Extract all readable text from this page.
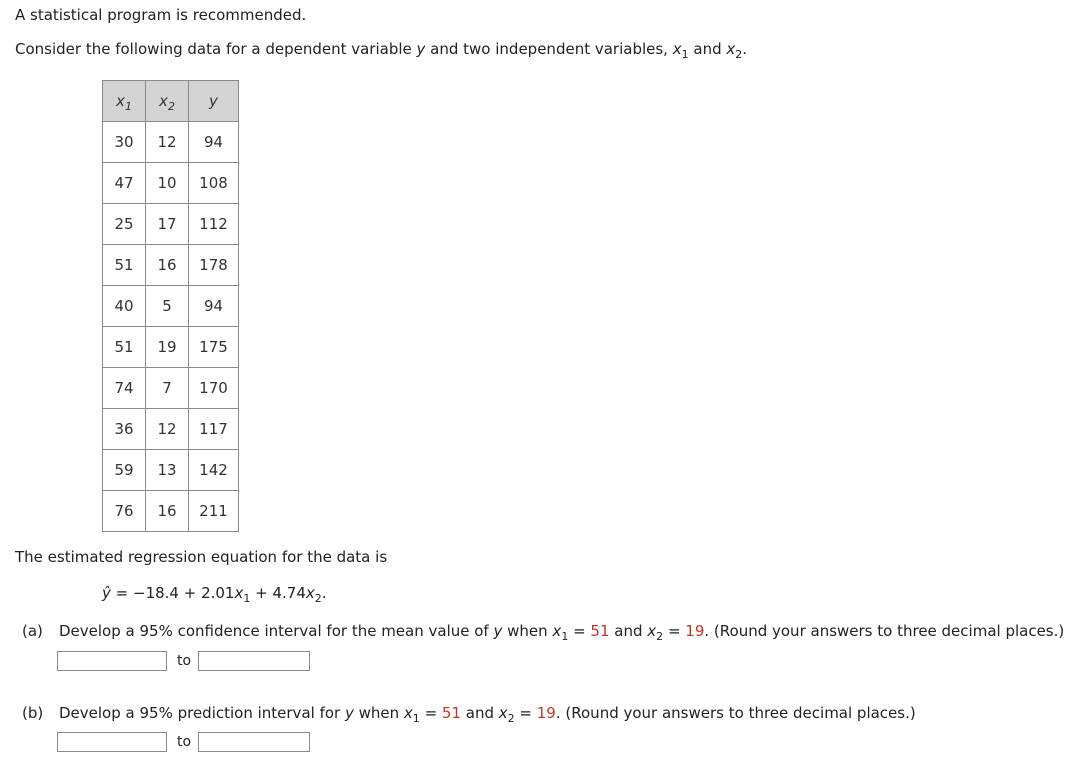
A statistical program is recommended.
Consider the following data for a dependent variable y and two independent variables, $x_1$ and $x_2$.
$x_1$	$x_2$	y
30	12	94
47	10	108
25	17	112
51	16	178
40	5	94
51	19	175
74	7	170
36	12	117
59	13	142
76	16	211
The estimated regression equation for the data is
ŷ = $-18.4 + 2.01x_1 + 4.74x_2$.
(a) Develop a 95% confidence interval for the mean value of y when $x_1 = 51$ and $x_2 = 19$. (Round your answers to three decimal places.)
to
(b) Develop a 95% prediction interval for y when $x_1 = 51$ and $x_2 = 19$. (Round your answers to three decimal places.)
to
